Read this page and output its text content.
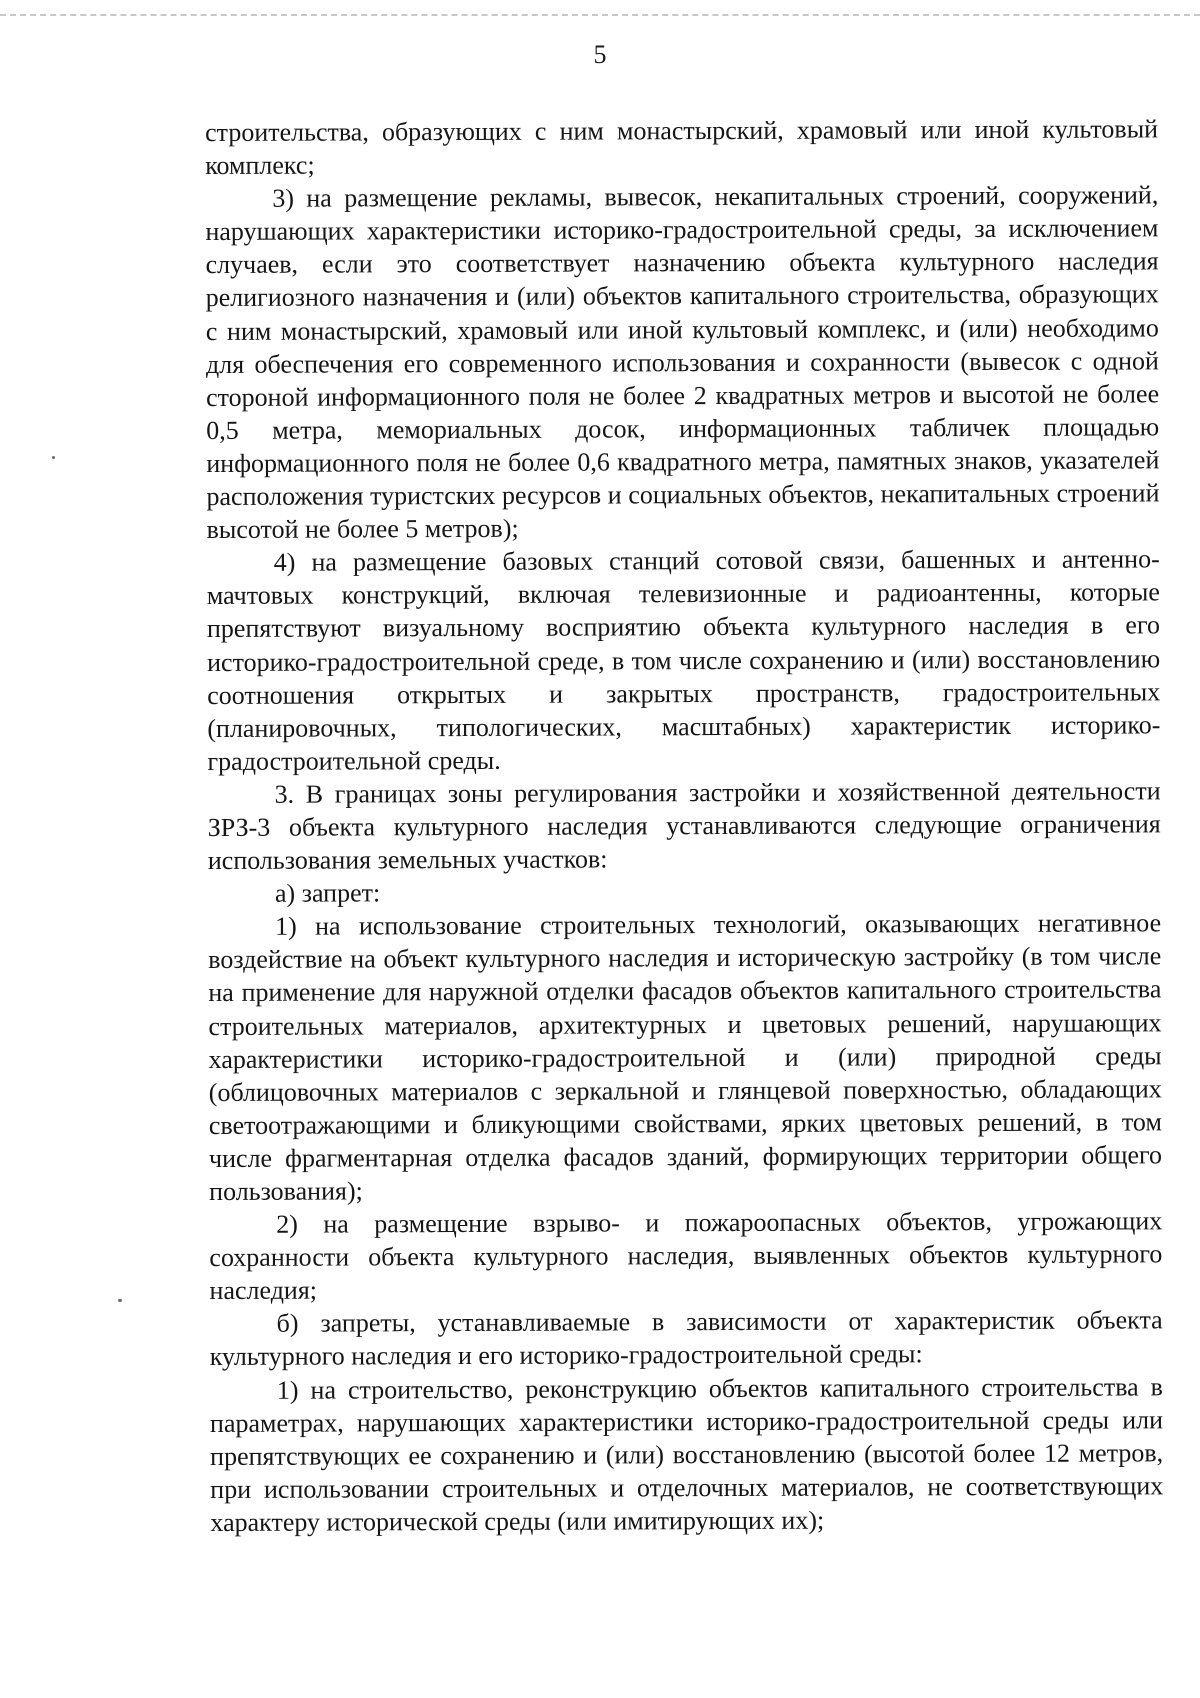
5

строительства, образующих с ним монастырский, храмовый или иной культовый комплекс;

3) на размещение рекламы, вывесок, некапитальных строений, сооружений, нарушающих характеристики историко-градостроительной среды, за исключением случаев, если это соответствует назначению объекта культурного наследия религиозного назначения и (или) объектов капитального строительства, образующих с ним монастырский, храмовый или иной культовый комплекс, и (или) необходимо для обеспечения его современного использования и сохранности (вывесок с одной стороной информационного поля не более 2 квадратных метров и высотой не более 0,5 метра, мемориальных досок, информационных табличек площадью информационного поля не более 0,6 квадратного метра, памятных знаков, указателей расположения туристских ресурсов и социальных объектов, некапитальных строений высотой не более 5 метров);

4) на размещение базовых станций сотовой связи, башенных и антенно-мачтовых конструкций, включая телевизионные и радиоантенны, которые препятствуют визуальному восприятию объекта культурного наследия в его историко-градостроительной среде, в том числе сохранению и (или) восстановлению соотношения открытых и закрытых пространств, градостроительных (планировочных, типологических, масштабных) характеристик историко-градостроительной среды.

3. В границах зоны регулирования застройки и хозяйственной деятельности ЗРЗ-3 объекта культурного наследия устанавливаются следующие ограничения использования земельных участков:

а) запрет:

1) на использование строительных технологий, оказывающих негативное воздействие на объект культурного наследия и историческую застройку (в том числе на применение для наружной отделки фасадов объектов капитального строительства строительных материалов, архитектурных и цветовых решений, нарушающих характеристики историко-градостроительной и (или) природной среды (облицовочных материалов с зеркальной и глянцевой поверхностью, обладающих светоотражающими и бликующими свойствами, ярких цветовых решений, в том числе фрагментарная отделка фасадов зданий, формирующих территории общего пользования);

2) на размещение взрыво- и пожароопасных объектов, угрожающих сохранности объекта культурного наследия, выявленных объектов культурного наследия;

б) запреты, устанавливаемые в зависимости от характеристик объекта культурного наследия и его историко-градостроительной среды:

1) на строительство, реконструкцию объектов капитального строительства в параметрах, нарушающих характеристики историко-градостроительной среды или препятствующих ее сохранению и (или) восстановлению (высотой более 12 метров, при использовании строительных и отделочных материалов, не соответствующих характеру исторической среды (или имитирующих их);
